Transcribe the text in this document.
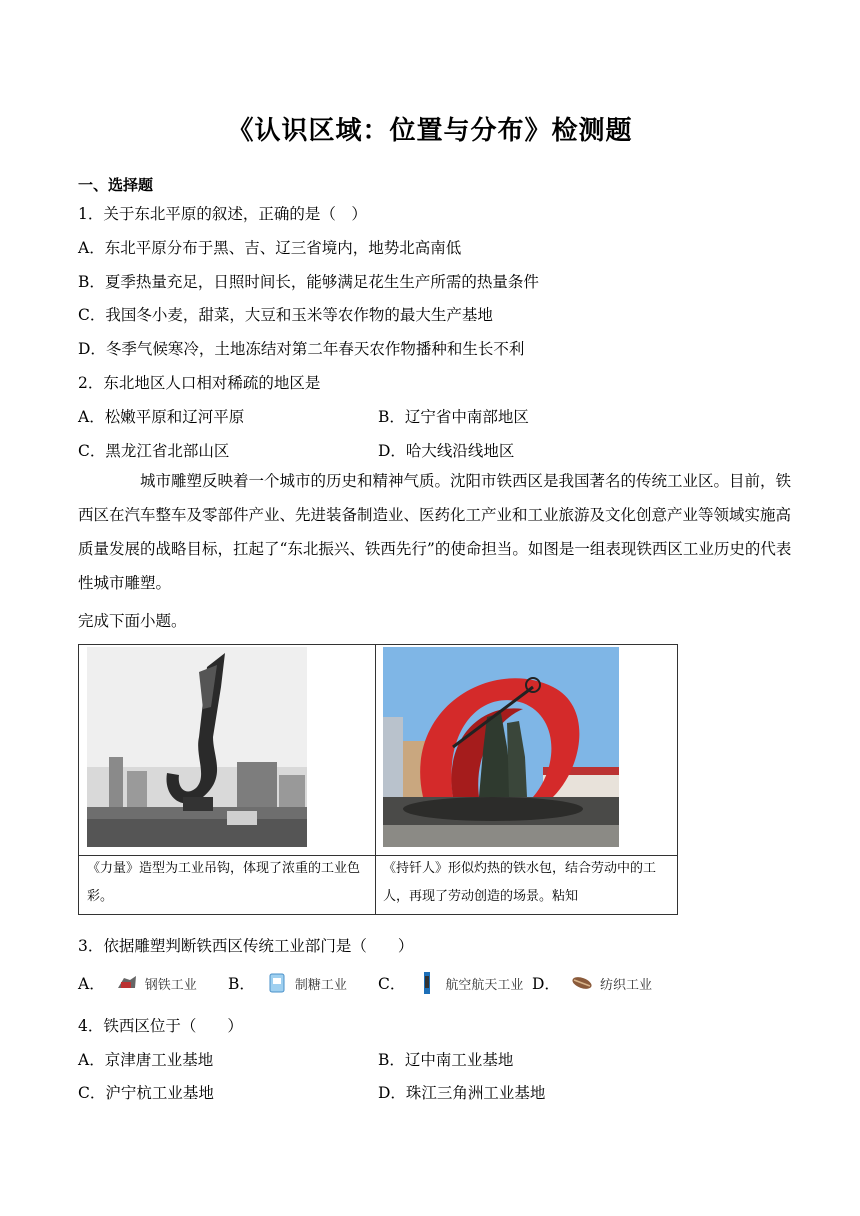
《认识区域：位置与分布》检测题
一、选择题
1．关于东北平原的叙述，正确的是（　）
A．东北平原分布于黑、吉、辽三省境内，地势北高南低
B．夏季热量充足，日照时间长，能够满足花生生产所需的热量条件
C．我国冬小麦，甜菜，大豆和玉米等农作物的最大生产基地
D．冬季气候寒冷，土地冻结对第二年春天农作物播种和生长不利
2．东北地区人口相对稀疏的地区是
A．松嫩平原和辽河平原	B．辽宁省中南部地区
C．黑龙江省北部山区	D．哈大线沿线地区
城市雕塑反映着一个城市的历史和精神气质。沈阳市铁西区是我国著名的传统工业区。目前，铁西区在汽车整车及零部件产业、先进装备制造业、医药化工产业和工业旅游及文化创意产业等领域实施高质量发展的战略目标，扛起了“东北振兴、铁西先行”的使命担当。如图是一组表现铁西区工业历史的代表性城市雕塑。
完成下面小题。
《力量》造型为工业吊钩，体现了浓重的工业色彩。
《持钎人》形似灼热的铁水包，结合劳动中的工人，再现了劳动创造的场景。粘知
3．依据雕塑判断铁西区传统工业部门是（　　）
A．	钢铁工业 B．	制糖工业 C．	航空航天工业 D．	纺织工业
4．铁西区位于（　　）
A．京津唐工业基地	B．辽中南工业基地
C．沪宁杭工业基地	D．珠江三角洲工业基地
